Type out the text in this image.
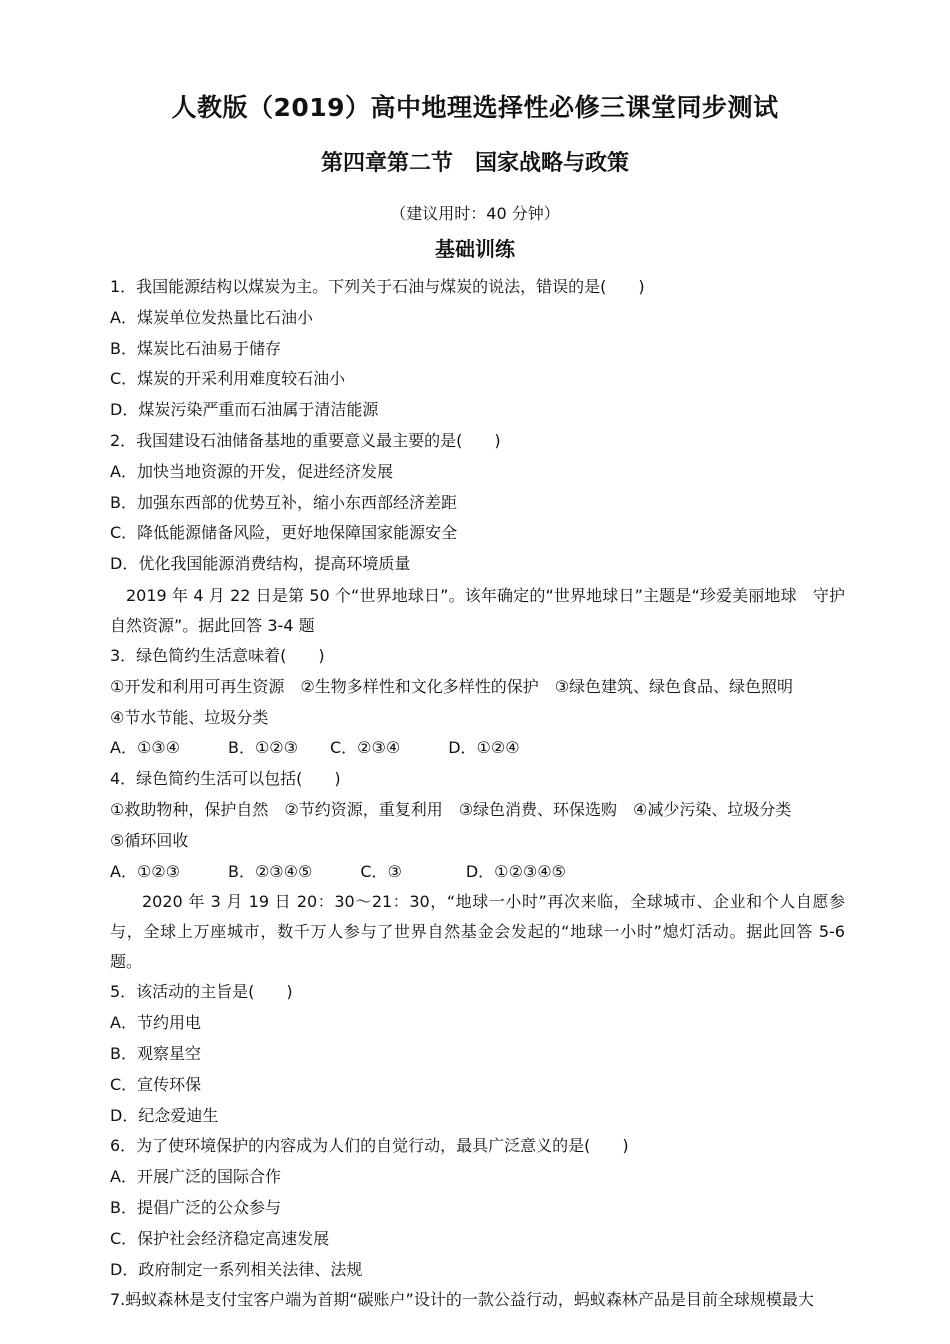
人教版（2019）高中地理选择性必修三课堂同步测试
第四章第二节　国家战略与政策
（建议用时：40 分钟）
基础训练
1．我国能源结构以煤炭为主。下列关于石油与煤炭的说法，错误的是(　　)
A．煤炭单位发热量比石油小
B．煤炭比石油易于储存
C．煤炭的开采利用难度较石油小
D．煤炭污染严重而石油属于清洁能源
2．我国建设石油储备基地的重要意义最主要的是(　　)
A．加快当地资源的开发，促进经济发展
B．加强东西部的优势互补，缩小东西部经济差距
C．降低能源储备风险，更好地保障国家能源安全
D．优化我国能源消费结构，提高环境质量
2019 年 4 月 22 日是第 50 个“世界地球日”。该年确定的“世界地球日”主题是“珍爱美丽地球　守护自然资源”。据此回答 3-4 题
3．绿色简约生活意味着(　　)
①开发和利用可再生资源　②生物多样性和文化多样性的保护　③绿色建筑、绿色食品、绿色照明
④节水节能、垃圾分类
A．①③④　　　B．①②③　　C．②③④　　　D．①②④
4．绿色简约生活可以包括(　　)
①救助物种，保护自然　②节约资源，重复利用　③绿色消费、环保选购　④减少污染、垃圾分类
⑤循环回收
A．①②③　　　B．②③④⑤　　　C．③　　　　D．①②③④⑤
2020 年 3 月 19 日 20：30～21：30，“地球一小时”再次来临，全球城市、企业和个人自愿参与，全球上万座城市，数千万人参与了世界自然基金会发起的“地球一小时”熄灯活动。据此回答 5-6 题。
5．该活动的主旨是(　　)
A．节约用电
B．观察星空
C．宣传环保
D．纪念爱迪生
6．为了使环境保护的内容成为人们的自觉行动，最具广泛意义的是(　　)
A．开展广泛的国际合作
B．提倡广泛的公众参与
C．保护社会经济稳定高速发展
D．政府制定一系列相关法律、法规
7.蚂蚁森林是支付宝客户端为首期“碳账户”设计的一款公益行动，蚂蚁森林产品是目前全球规模最大
